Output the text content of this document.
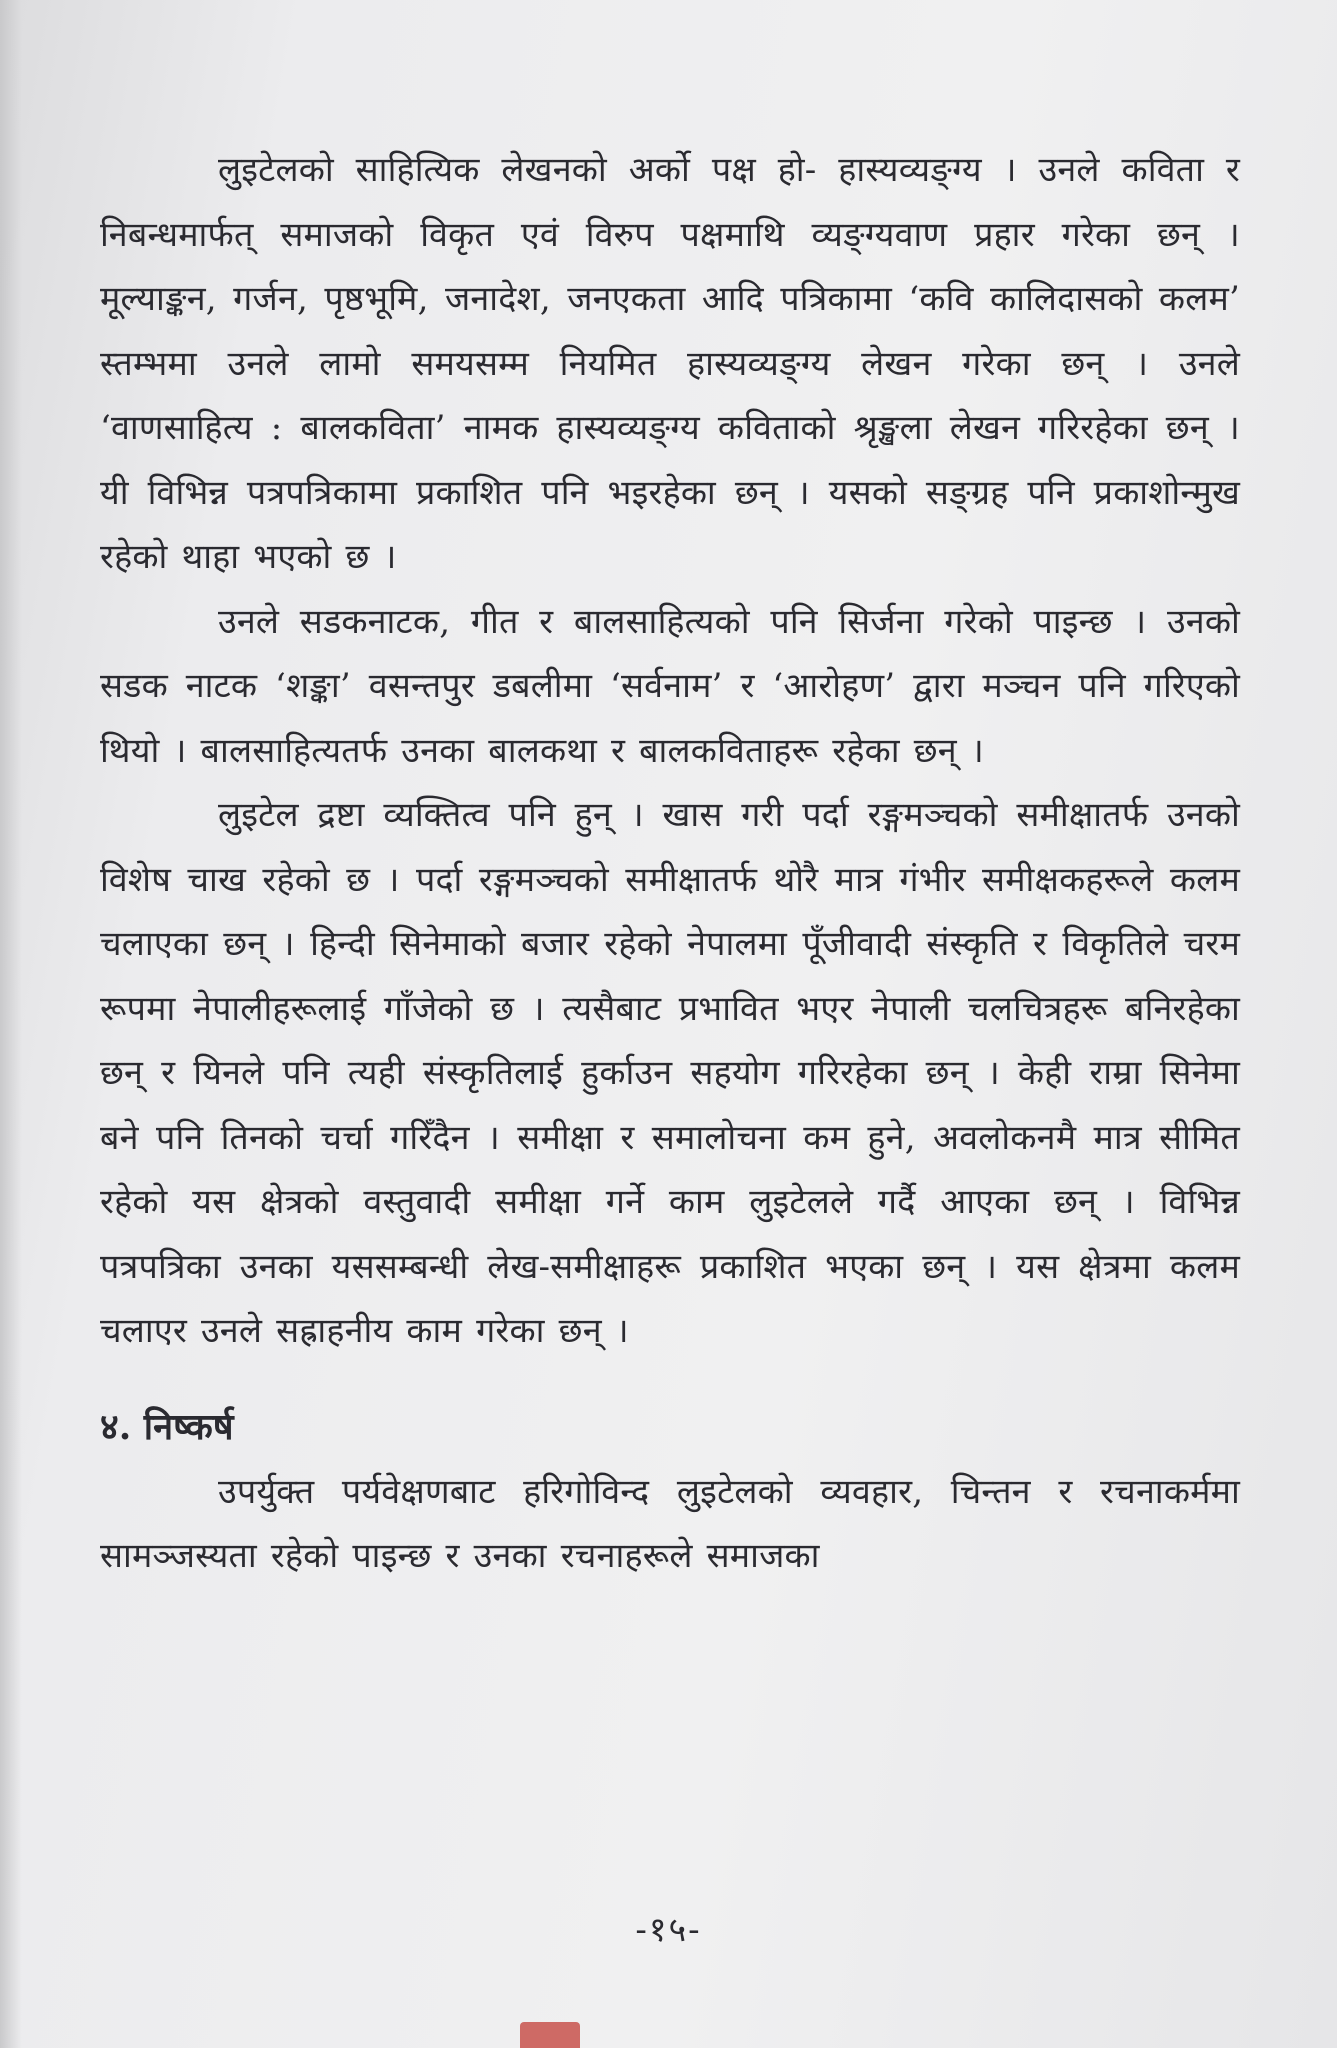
लुइटेलको साहित्यिक लेखनको अर्को पक्ष हो- हास्यव्यङ्ग्य । उनले कविता र निबन्धमार्फत् समाजको विकृत एवं विरुप पक्षमाथि व्यङ्ग्यवाण प्रहार गरेका छन् । मूल्याङ्कन, गर्जन, पृष्ठभूमि, जनादेश, जनएकता आदि पत्रिकामा ‘कवि कालिदासको कलम’ स्तम्भमा उनले लामो समयसम्म नियमित हास्यव्यङ्ग्य लेखन गरेका छन् । उनले ‘वाणसाहित्य : बालकविता’ नामक हास्यव्यङ्ग्य कविताको श्रृङ्खला लेखन गरिरहेका छन् । यी विभिन्न पत्रपत्रिकामा प्रकाशित पनि भइरहेका छन् । यसको सङ्ग्रह पनि प्रकाशोन्मुख रहेको थाहा भएको छ ।

उनले सडकनाटक, गीत र बालसाहित्यको पनि सिर्जना गरेको पाइन्छ । उनको सडक नाटक ‘शङ्का’ वसन्तपुर डबलीमा ‘सर्वनाम’ र ‘आरोहण’ द्वारा मञ्चन पनि गरिएको थियो । बालसाहित्यतर्फ उनका बालकथा र बालकविताहरू रहेका छन् ।

लुइटेल द्रष्टा व्यक्तित्व पनि हुन् । खास गरी पर्दा रङ्गमञ्चको समीक्षातर्फ उनको विशेष चाख रहेको छ । पर्दा रङ्गमञ्चको समीक्षातर्फ थोरै मात्र गंभीर समीक्षकहरूले कलम चलाएका छन् । हिन्दी सिनेमाको बजार रहेको नेपालमा पूँजीवादी संस्कृति र विकृतिले चरम रूपमा नेपालीहरूलाई गाँजेको छ । त्यसैबाट प्रभावित भएर नेपाली चलचित्रहरू बनिरहेका छन् र यिनले पनि त्यही संस्कृतिलाई हुर्काउन सहयोग गरिरहेका छन् । केही राम्रा सिनेमा बने पनि तिनको चर्चा गरिँदैन । समीक्षा र समालोचना कम हुने, अवलोकनमै मात्र सीमित रहेको यस क्षेत्रको वस्तुवादी समीक्षा गर्ने काम लुइटेलले गर्दै आएका छन् । विभिन्न पत्रपत्रिका उनका यससम्बन्धी लेख-समीक्षाहरू प्रकाशित भएका छन् । यस क्षेत्रमा कलम चलाएर उनले सह्राहनीय काम गरेका छन् ।

४. निष्कर्ष

उपर्युक्त पर्यवेक्षणबाट हरिगोविन्द लुइटेलको व्यवहार, चिन्तन र रचनाकर्ममा सामञ्जस्यता रहेको पाइन्छ र उनका रचनाहरूले समाजका

-१५-
